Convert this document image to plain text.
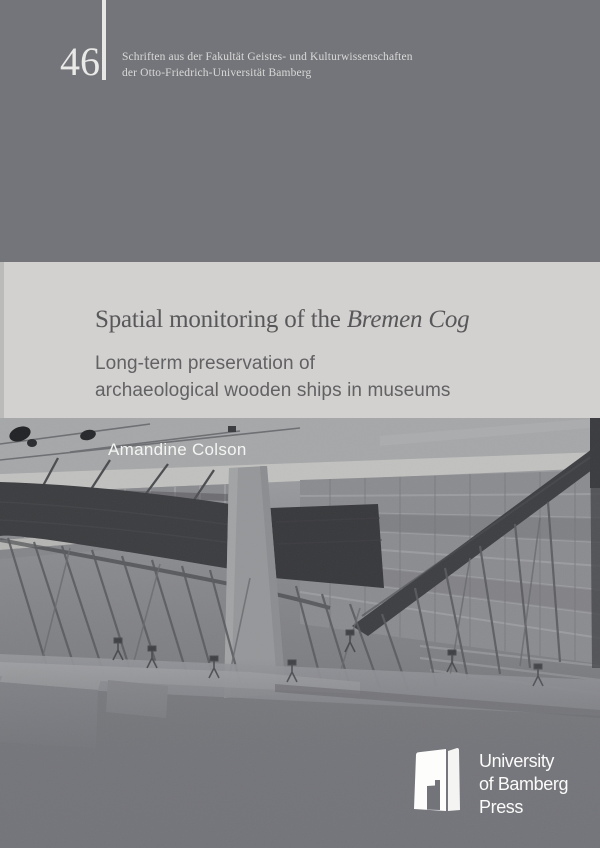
46 Schriften aus der Fakultät Geistes- und Kulturwissenschaften
der Otto-Friedrich-Universität Bamberg
Spatial monitoring of the Bremen Cog
Long-term preservation of
archaeological wooden ships in museums
Amandine Colson
University
of Bamberg
Press
